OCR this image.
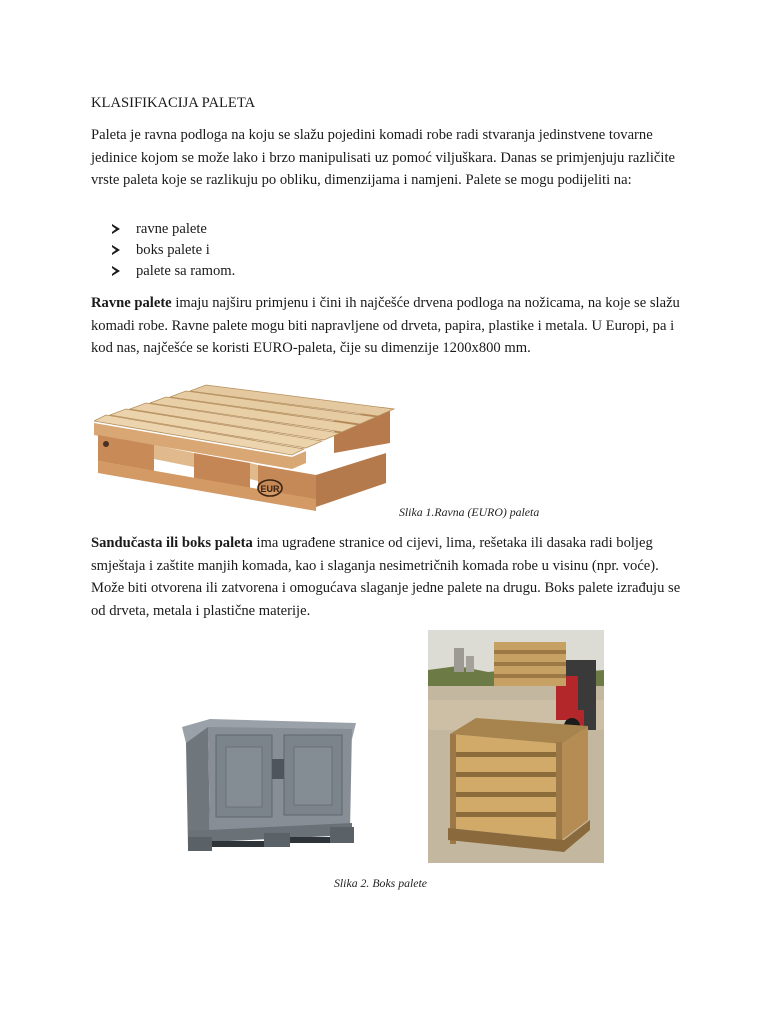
KLASIFIKACIJA PALETA
Paleta je ravna podloga na koju se slažu pojedini komadi robe radi stvaranja jedinstvene tovarne jedinice kojom se može lako i brzo manipulisati uz pomoć viljuškara. Danas se primjenjuju različite vrste paleta koje se razlikuju po obliku, dimenzijama i namjeni. Palete se mogu podijeliti na:
ravne palete
boks palete i
palete sa ramom.
Ravne palete imaju najširu primjenu i čini ih najčešće drvena podloga na nožicama, na koje se slažu komadi robe. Ravne palete mogu biti napravljene od drveta, papira, plastike i metala. U Europi, pa i kod nas, najčešće se koristi EURO-paleta, čije su dimenzije 1200x800 mm.
EUR
Slika 1.Ravna (EURO) paleta
Sandučasta ili boks paleta ima ugrađene stranice od cijevi, lima, rešetaka ili dasaka radi boljeg smještaja i zaštite manjih komada, kao i slaganja nesimetričnih komada robe u visinu (npr. voće). Može biti otvorena ili zatvorena i omogućava slaganje jedne palete na drugu. Boks palete izrađuju se od drveta, metala i plastične materije.
Slika 2. Boks palete
